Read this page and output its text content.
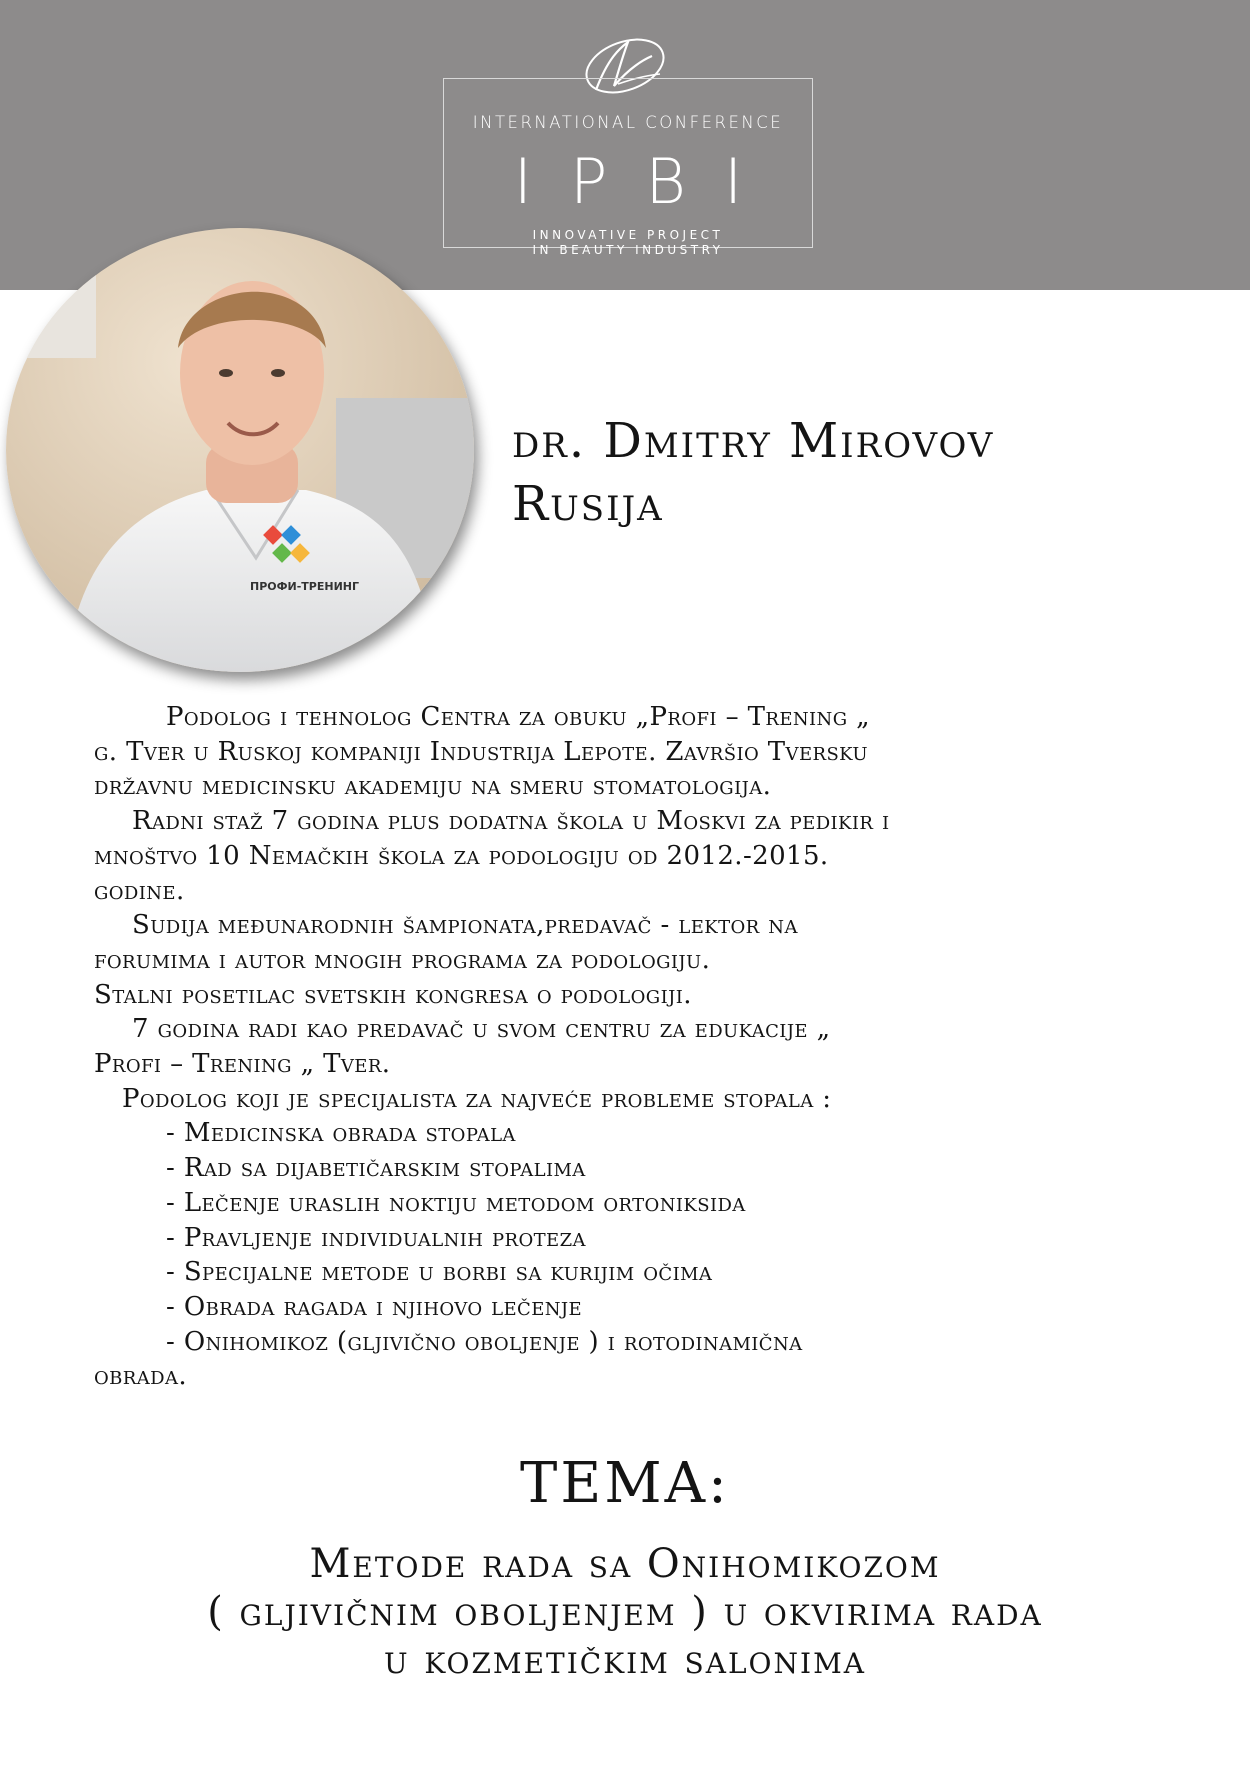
INTERNATIONAL CONFERENCE
IPBI
INNOVATIVE PROJECT
IN BEAUTY INDUSTRY
ПРОФИ-ТРЕНИНГ
dr. Dmitry Mirovov
Rusija
Podolog i tehnolog Centra za obuku „Profi – Trening „
g. Tver u Ruskoj kompaniji Industrija Lepote. Završio Tversku
državnu medicinsku akademiju na smeru stomatologija.
Radni staž 7 godina plus dodatna škola u Moskvi za pedikir i
mnoštvo 10 Nemačkih škola za podologiju od 2012.-2015.
godine.
Sudija međunarodnih šampionata,predavač - lektor na
forumima i autor mnogih programa za podologiju.
Stalni posetilac svetskih kongresa o podologiji.
7 godina radi kao predavač u svom centru za edukacije „
Profi – Trening „ Tver.
Podolog koji je specijalista za najveće probleme stopala :
- Medicinska obrada stopala
- Rad sa dijabetičarskim stopalima
- Lečenje uraslih noktiju metodom ortoniksida
- Pravljenje individualnih proteza
- Specijalne metode u borbi sa kurijim očima
- Obrada ragada i njihovo lečenje
- Onihomikoz (gljivično oboljenje ) i rotodinamična
obrada.
TEMA:
Metode rada sa Onihomikozom
( gljivičnim oboljenjem ) u okvirima rada
u kozmetičkim salonima
